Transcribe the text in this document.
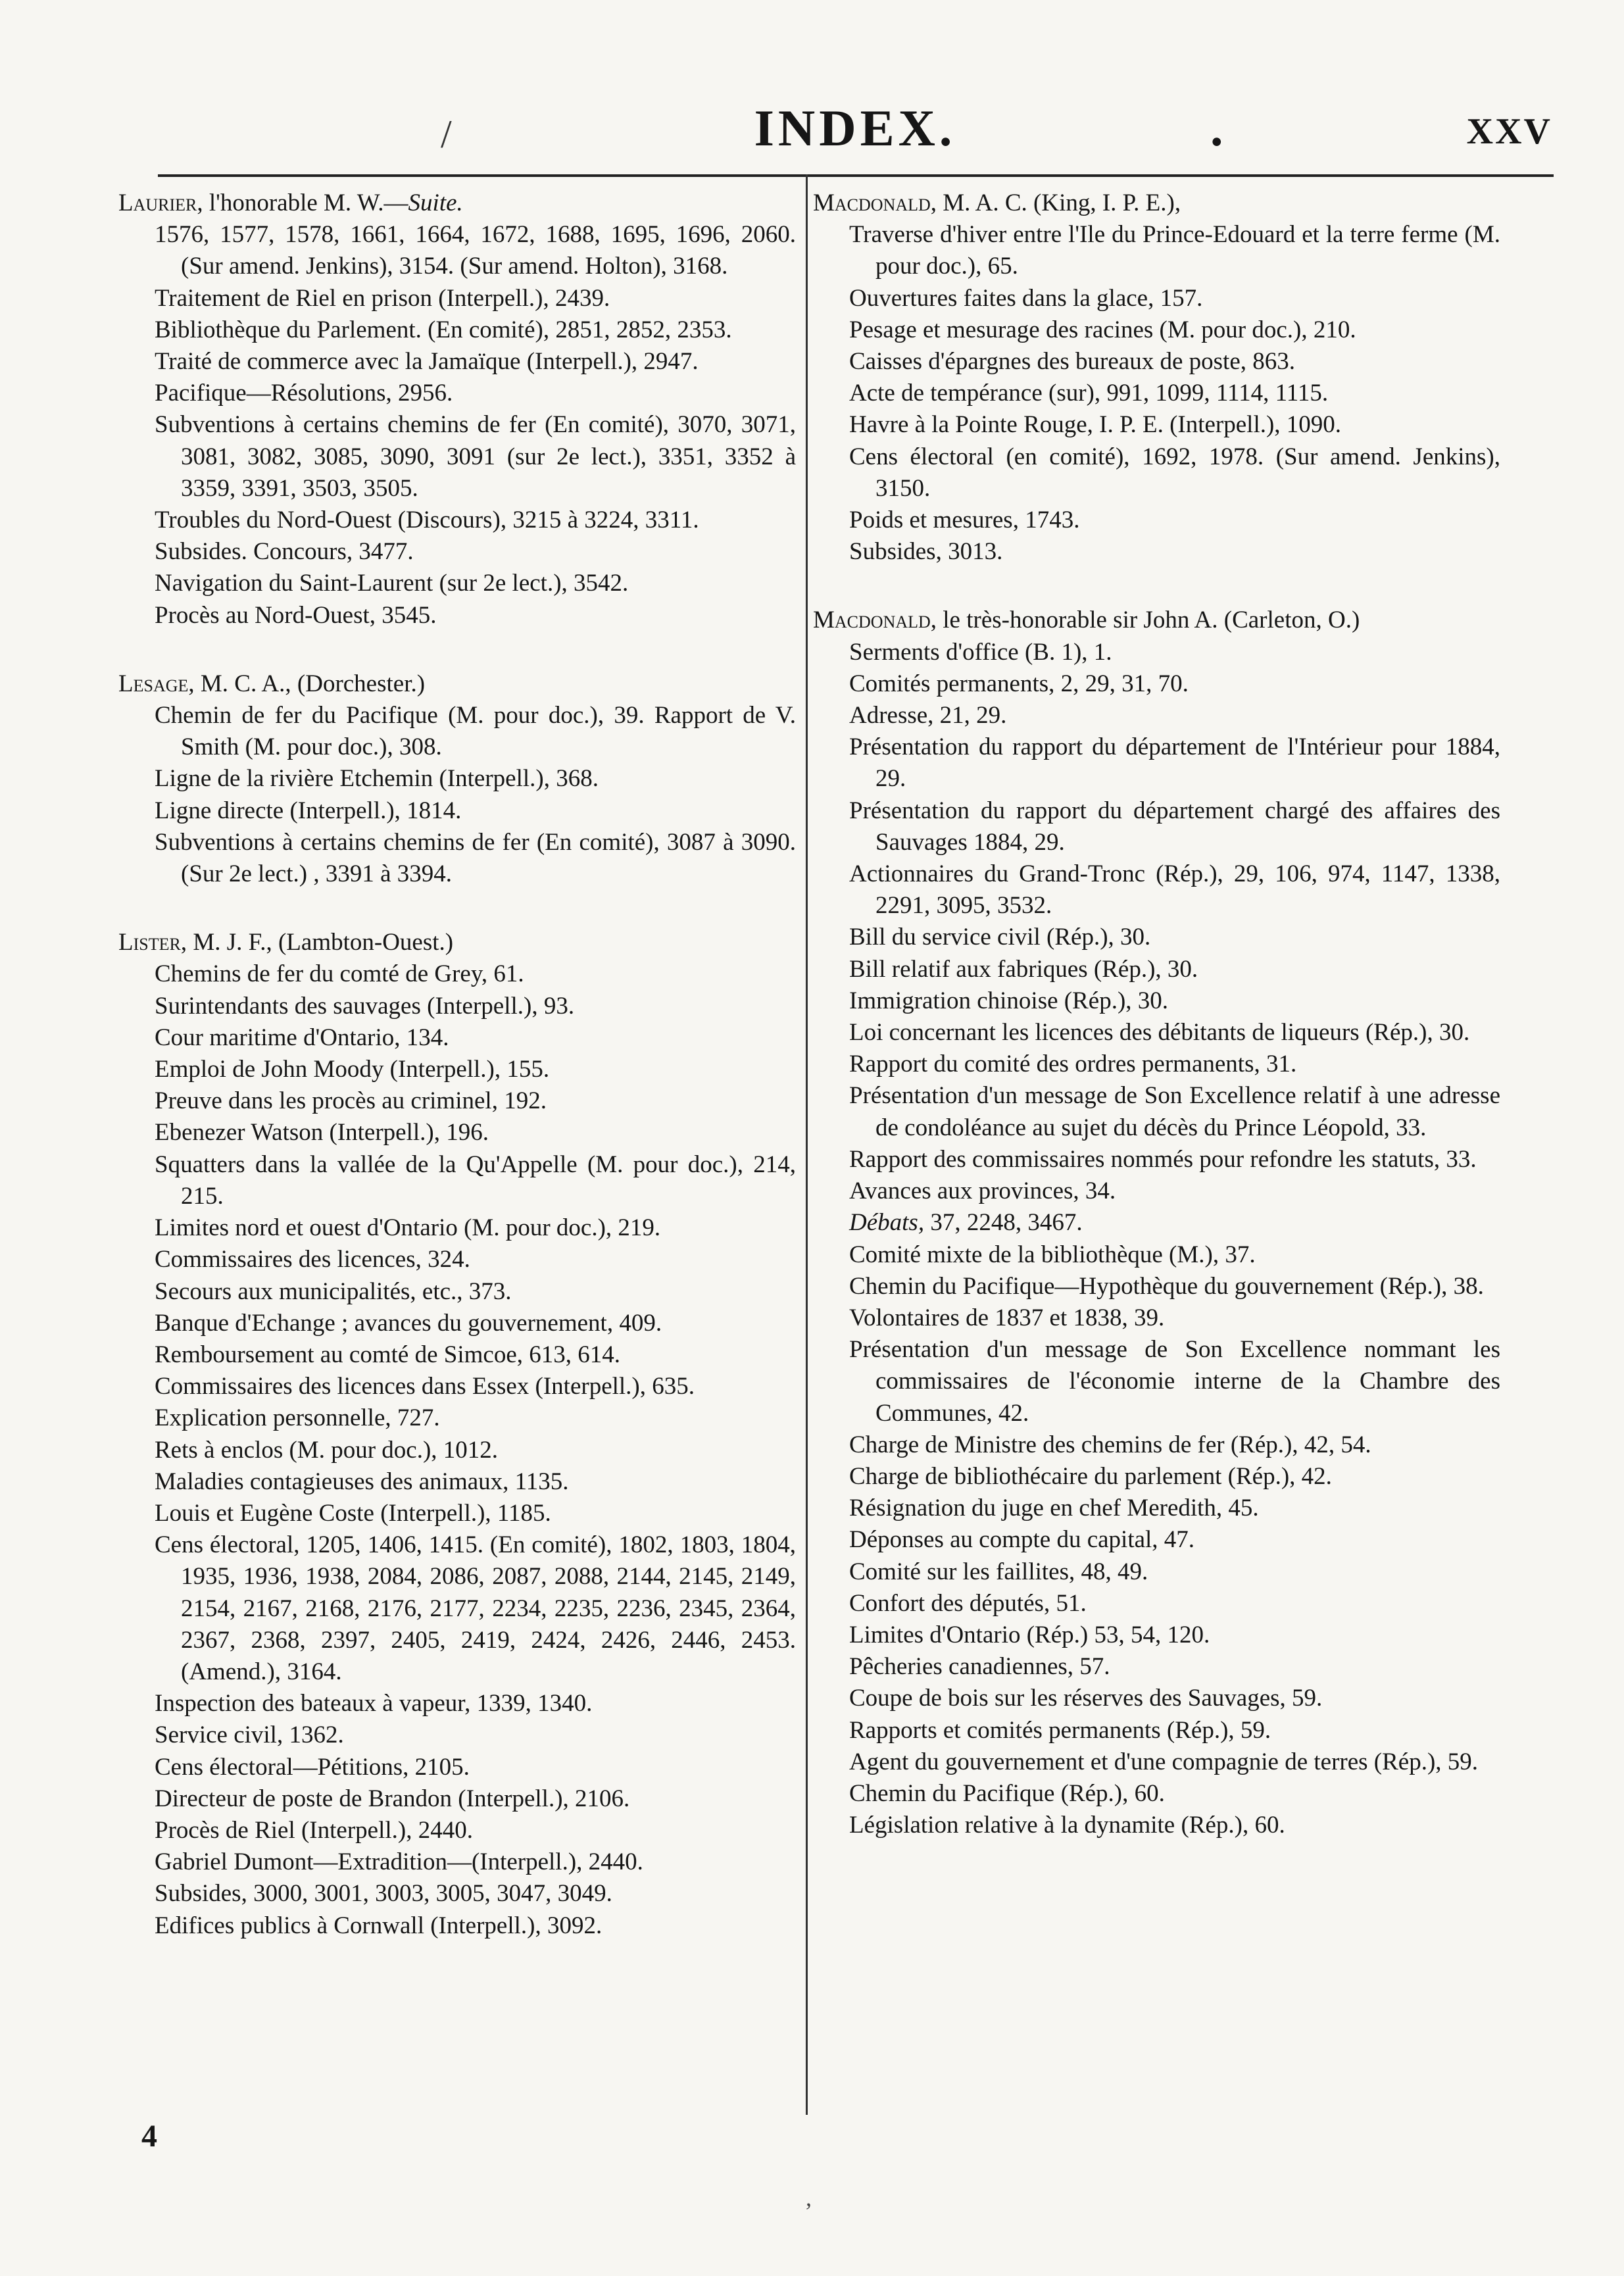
/	INDEX.	.	XXV
Laurier, l'honorable M. W.—Suite.
1576, 1577, 1578, 1661, 1664, 1672, 1688, 1695, 1696, 2060. (Sur amend. Jenkins), 3154. (Sur amend. Holton), 3168.
Traitement de Riel en prison (Interpell.), 2439.
Bibliothèque du Parlement. (En comité), 2851, 2852, 2353.
Traité de commerce avec la Jamaïque (Interpell.), 2947.
Pacifique—Résolutions, 2956.
Subventions à certains chemins de fer (En comité), 3070, 3071, 3081, 3082, 3085, 3090, 3091 (sur 2e lect.), 3351, 3352 à 3359, 3391, 3503, 3505.
Troubles du Nord-Ouest (Discours), 3215 à 3224, 3311.
Subsides. Concours, 3477.
Navigation du Saint-Laurent (sur 2e lect.), 3542.
Procès au Nord-Ouest, 3545.
Lesage, M. C. A., (Dorchester.)
Chemin de fer du Pacifique (M. pour doc.), 39. Rapport de V. Smith (M. pour doc.), 308.
Ligne de la rivière Etchemin (Interpell.), 368.
Ligne directe (Interpell.), 1814.
Subventions à certains chemins de fer (En comité), 3087 à 3090. (Sur 2e lect.) , 3391 à 3394.
Lister, M. J. F., (Lambton-Ouest.)
Chemins de fer du comté de Grey, 61.
Surintendants des sauvages (Interpell.), 93.
Cour maritime d'Ontario, 134.
Emploi de John Moody (Interpell.), 155.
Preuve dans les procès au criminel, 192.
Ebenezer Watson (Interpell.), 196.
Squatters dans la vallée de la Qu'Appelle (M. pour doc.), 214, 215.
Limites nord et ouest d'Ontario (M. pour doc.), 219.
Commissaires des licences, 324.
Secours aux municipalités, etc., 373.
Banque d'Echange ; avances du gouvernement, 409.
Remboursement au comté de Simcoe, 613, 614.
Commissaires des licences dans Essex (Interpell.), 635.
Explication personnelle, 727.
Rets à enclos (M. pour doc.), 1012.
Maladies contagieuses des animaux, 1135.
Louis et Eugène Coste (Interpell.), 1185.
Cens électoral, 1205, 1406, 1415. (En comité), 1802, 1803, 1804, 1935, 1936, 1938, 2084, 2086, 2087, 2088, 2144, 2145, 2149, 2154, 2167, 2168, 2176, 2177, 2234, 2235, 2236, 2345, 2364, 2367, 2368, 2397, 2405, 2419, 2424, 2426, 2446, 2453. (Amend.), 3164.
Inspection des bateaux à vapeur, 1339, 1340.
Service civil, 1362.
Cens électoral—Pétitions, 2105.
Directeur de poste de Brandon (Interpell.), 2106.
Procès de Riel (Interpell.), 2440.
Gabriel Dumont—Extradition—(Interpell.), 2440.
Subsides, 3000, 3001, 3003, 3005, 3047, 3049.
Edifices publics à Cornwall (Interpell.), 3092.
Macdonald, M. A. C. (King, I. P. E.),
Traverse d'hiver entre l'Ile du Prince-Edouard et la terre ferme (M. pour doc.), 65.
Ouvertures faites dans la glace, 157.
Pesage et mesurage des racines (M. pour doc.), 210.
Caisses d'épargnes des bureaux de poste, 863.
Acte de tempérance (sur), 991, 1099, 1114, 1115.
Havre à la Pointe Rouge, I. P. E. (Interpell.), 1090.
Cens électoral (en comité), 1692, 1978. (Sur amend. Jenkins), 3150.
Poids et mesures, 1743.
Subsides, 3013.
Macdonald, le très-honorable sir John A. (Carleton, O.)
Serments d'office (B. 1), 1.
Comités permanents, 2, 29, 31, 70.
Adresse, 21, 29.
Présentation du rapport du département de l'Intérieur pour 1884, 29.
Présentation du rapport du département chargé des affaires des Sauvages 1884, 29.
Actionnaires du Grand-Tronc (Rép.), 29, 106, 974, 1147, 1338, 2291, 3095, 3532.
Bill du service civil (Rép.), 30.
Bill relatif aux fabriques (Rép.), 30.
Immigration chinoise (Rép.), 30.
Loi concernant les licences des débitants de liqueurs (Rép.), 30.
Rapport du comité des ordres permanents, 31.
Présentation d'un message de Son Excellence relatif à une adresse de condoléance au sujet du décès du Prince Léopold, 33.
Rapport des commissaires nommés pour refondre les statuts, 33.
Avances aux provinces, 34.
Débats, 37, 2248, 3467.
Comité mixte de la bibliothèque (M.), 37.
Chemin du Pacifique—Hypothèque du gouvernement (Rép.), 38.
Volontaires de 1837 et 1838, 39.
Présentation d'un message de Son Excellence nommant les commissaires de l'économie interne de la Chambre des Communes, 42.
Charge de Ministre des chemins de fer (Rép.), 42, 54.
Charge de bibliothécaire du parlement (Rép.), 42.
Résignation du juge en chef Meredith, 45.
Déponses au compte du capital, 47.
Comité sur les faillites, 48, 49.
Confort des députés, 51.
Limites d'Ontario (Rép.) 53, 54, 120.
Pêcheries canadiennes, 57.
Coupe de bois sur les réserves des Sauvages, 59.
Rapports et comités permanents (Rép.), 59.
Agent du gouvernement et d'une compagnie de terres (Rép.), 59.
Chemin du Pacifique (Rép.), 60.
Législation relative à la dynamite (Rép.), 60.
4
,
